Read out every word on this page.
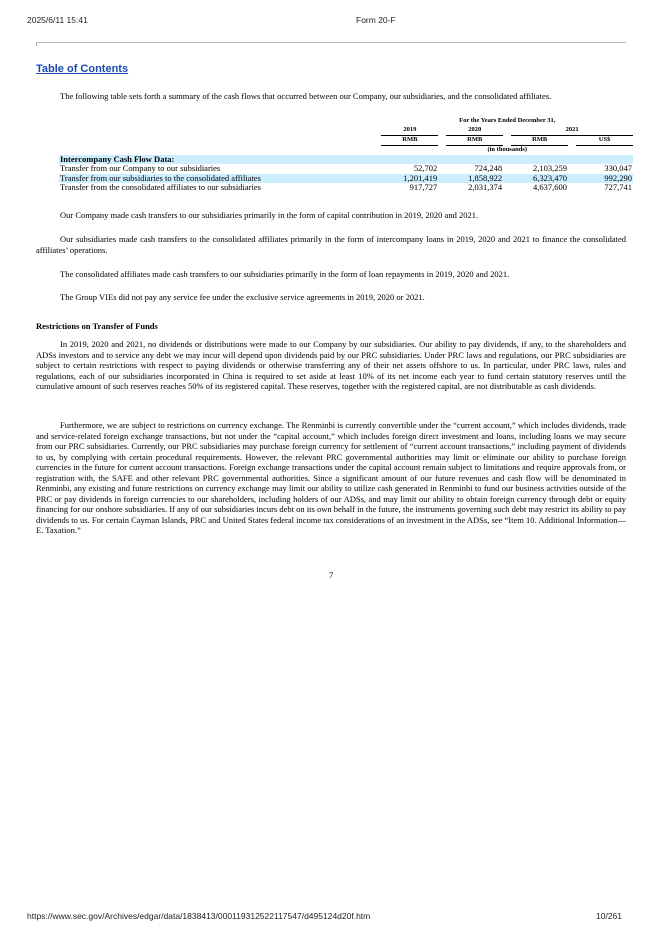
2025/6/11 15:41	Form 20-F
Table of Contents

The following table sets forth a summary of the cash flows that occurred between our Company, our subsidiaries, and the consolidated affiliates.

	For the Years Ended December 31,						
	2019		2020		2021		
	RMB		RMB		RMB		US$
	(in thousands)						
Intercompany Cash Flow Data:							
Transfer from our Company to our subsidiaries	52,702		724,248		2,103,259		330,047
Transfer from our subsidiaries to the consolidated affiliates	1,201,419		1,858,922		6,323,470		992,290
Transfer from the consolidated affiliates to our subsidiaries	917,727		2,031,374		4,637,600		727,741

Our Company made cash transfers to our subsidiaries primarily in the form of capital contribution in 2019, 2020 and 2021.

Our subsidiaries made cash transfers to the consolidated affiliates primarily in the form of intercompany loans in 2019, 2020 and 2021 to finance the consolidated affiliates’ operations.

The consolidated affiliates made cash transfers to our subsidiaries primarily in the form of loan repayments in 2019, 2020 and 2021.

The Group VIEs did not pay any service fee under the exclusive service agreements in 2019, 2020 or 2021.

Restrictions on Transfer of Funds

In 2019, 2020 and 2021, no dividends or distributions were made to our Company by our subsidiaries. Our ability to pay dividends, if any, to the shareholders and ADSs investors and to service any debt we may incur will depend upon dividends paid by our PRC subsidiaries. Under PRC laws and regulations, our PRC subsidiaries are subject to certain restrictions with respect to paying dividends or otherwise transferring any of their net assets offshore to us. In particular, under PRC laws, rules and regulations, each of our subsidiaries incorporated in China is required to set aside at least 10% of its net income each year to fund certain statutory reserves until the cumulative amount of such reserves reaches 50% of its registered capital. These reserves, together with the registered capital, are not distributable as cash dividends.

Furthermore, we are subject to restrictions on currency exchange. The Renminbi is currently convertible under the “current account,” which includes dividends, trade and service-related foreign exchange transactions, but not under the “capital account,” which includes foreign direct investment and loans, including loans we may secure from our PRC subsidiaries. Currently, our PRC subsidiaries may purchase foreign currency for settlement of “current account transactions,” including payment of dividends to us, by complying with certain procedural requirements. However, the relevant PRC governmental authorities may limit or eliminate our ability to purchase foreign currencies in the future for current account transactions. Foreign exchange transactions under the capital account remain subject to limitations and require approvals from, or registration with, the SAFE and other relevant PRC governmental authorities. Since a significant amount of our future revenues and cash flow will be denominated in Renminbi, any existing and future restrictions on currency exchange may limit our ability to utilize cash generated in Renminbi to fund our business activities outside of the PRC or pay dividends in foreign currencies to our shareholders, including holders of our ADSs, and may limit our ability to obtain foreign currency through debt or equity financing for our onshore subsidiaries. If any of our subsidiaries incurs debt on its own behalf in the future, the instruments governing such debt may restrict its ability to pay dividends to us. For certain Cayman Islands, PRC and United States federal income tax considerations of an investment in the ADSs, see “Item 10. Additional Information—E. Taxation.”

7
https://www.sec.gov/Archives/edgar/data/1838413/000119312522117547/d495124d20f.htm	10/261
